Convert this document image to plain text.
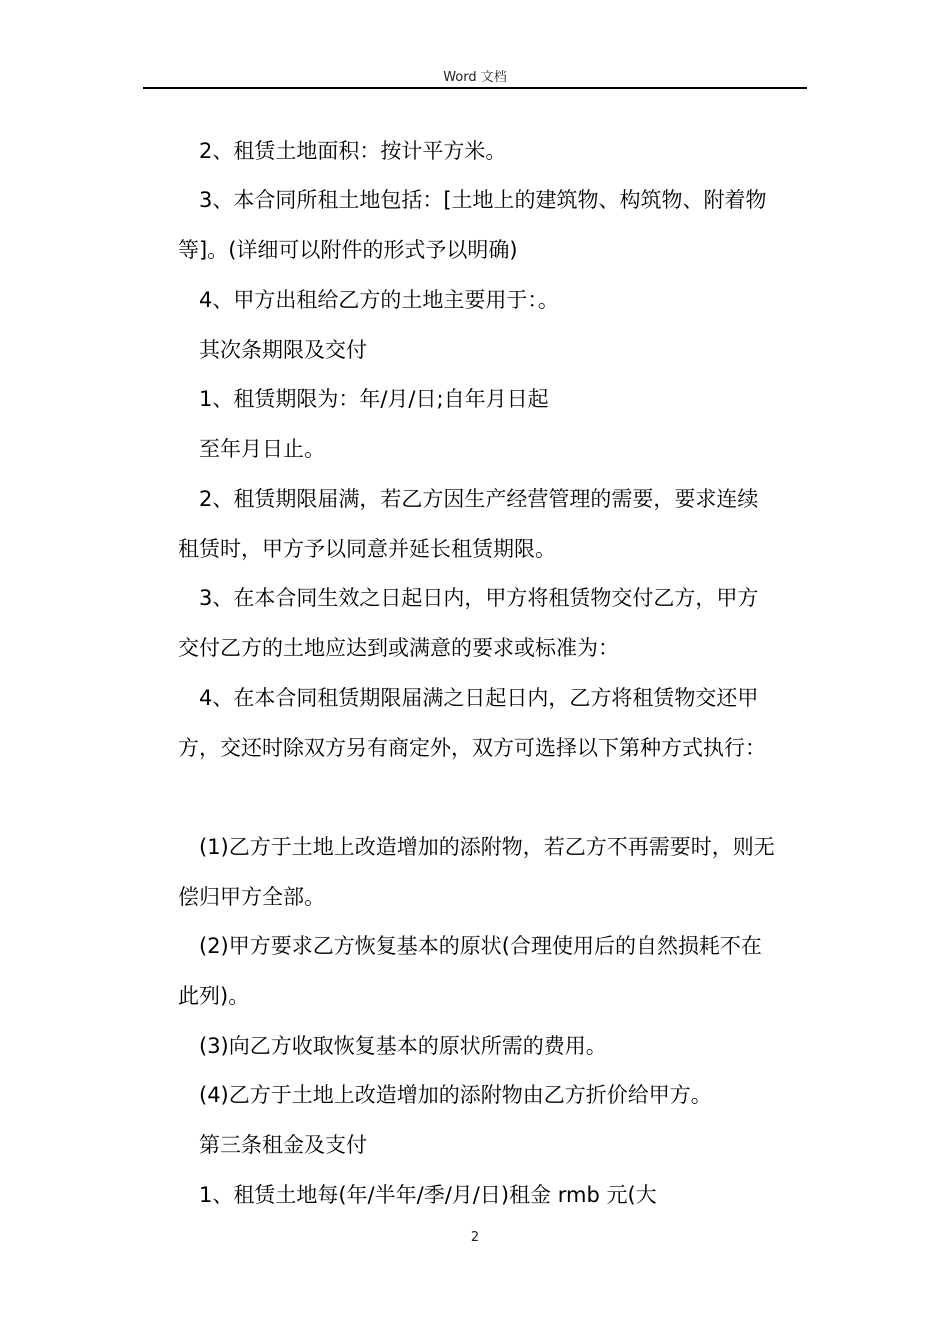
Word 文档
2、租赁土地面积：按计平方米。
3、本合同所租土地包括：[土地上的建筑物、构筑物、附着物
等]。(详细可以附件的形式予以明确)
4、甲方出租给乙方的土地主要用于：。
其次条期限及交付
1、租赁期限为：年/月/日;自年月日起
至年月日止。
2、租赁期限届满，若乙方因生产经营管理的需要，要求连续
租赁时，甲方予以同意并延长租赁期限。
3、在本合同生效之日起日内，甲方将租赁物交付乙方，甲方
交付乙方的土地应达到或满意的要求或标准为：
4、在本合同租赁期限届满之日起日内，乙方将租赁物交还甲
方，交还时除双方另有商定外，双方可选择以下第种方式执行：
(1)乙方于土地上改造增加的添附物，若乙方不再需要时，则无
偿归甲方全部。
(2)甲方要求乙方恢复基本的原状(合理使用后的自然损耗不在
此列)。
(3)向乙方收取恢复基本的原状所需的费用。
(4)乙方于土地上改造增加的添附物由乙方折价给甲方。
第三条租金及支付
1、租赁土地每(年/半年/季/月/日)租金 rmb 元(大
2
